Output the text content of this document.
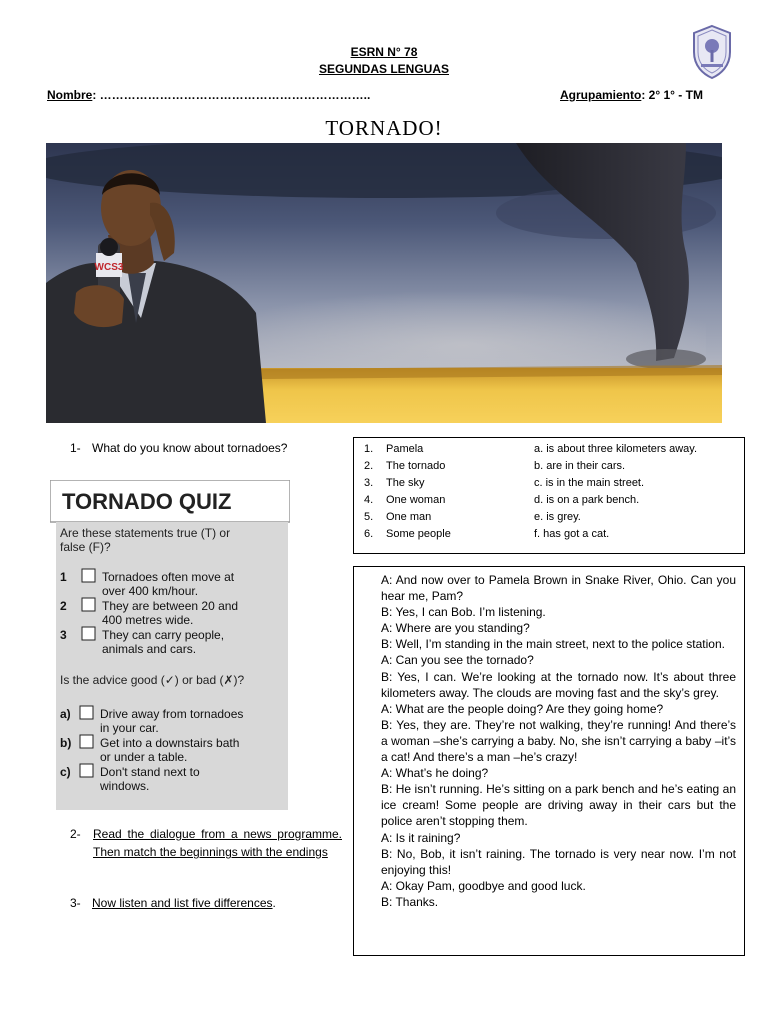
ESRN N° 78
SEGUNDAS LENGUAS
Nombre: …………………………………………………………..	Agrupamiento: 2° 1° - TM
TORNADO!
WCS3
1- What do you know about tornadoes?
TORNADO QUIZ
Are these statements true (T) or
false (F)?
1	Tornadoes often move at
over 400 km/hour.
2	They are between 20 and
400 metres wide.
3	They can carry people,
animals and cars.
Is the advice good (✓) or bad (✗)?
a) Drive away from tornadoes
in your car.
b) Get into a downstairs bath
or under a table.
c) Don't stand next to
windows.
2-	Read the dialogue from a news programme. Then match the beginnings with the endings
3- Now listen and list five differences.
1. Pamela	a. is about three kilometers away.
2. The tornado	b. are in their cars.
3. The sky	c. is in the main street.
4. One woman	d. is on a park bench.
5. One man	e. is grey.
6. Some people	f. has got a cat.

A: And now over to Pamela Brown in Snake River, Ohio. Can you hear me, Pam?

B: Yes, I can Bob. I’m listening.

A: Where are you standing?

B: Well, I’m standing in the main street, next to the police station.

A: Can you see the tornado?

B: Yes, I can. We’re looking at the tornado now. It’s about three kilometers away. The clouds are moving fast and the sky’s grey.

A: What are the people doing? Are they going home?

B: Yes, they are. They’re not walking, they’re running! And there’s a woman –she’s carrying a baby. No, she isn’t carrying a baby –it’s a cat! And there’s a man –he’s crazy!

A: What’s he doing?

B: He isn’t running. He’s sitting on a park bench and he’s eating an ice cream! Some people are driving away in their cars but the police aren’t stopping them.

A: Is it raining?

B: No, Bob, it isn’t raining. The tornado is very near now. I’m not enjoying this!

A: Okay Pam, goodbye and good luck.

B: Thanks.
